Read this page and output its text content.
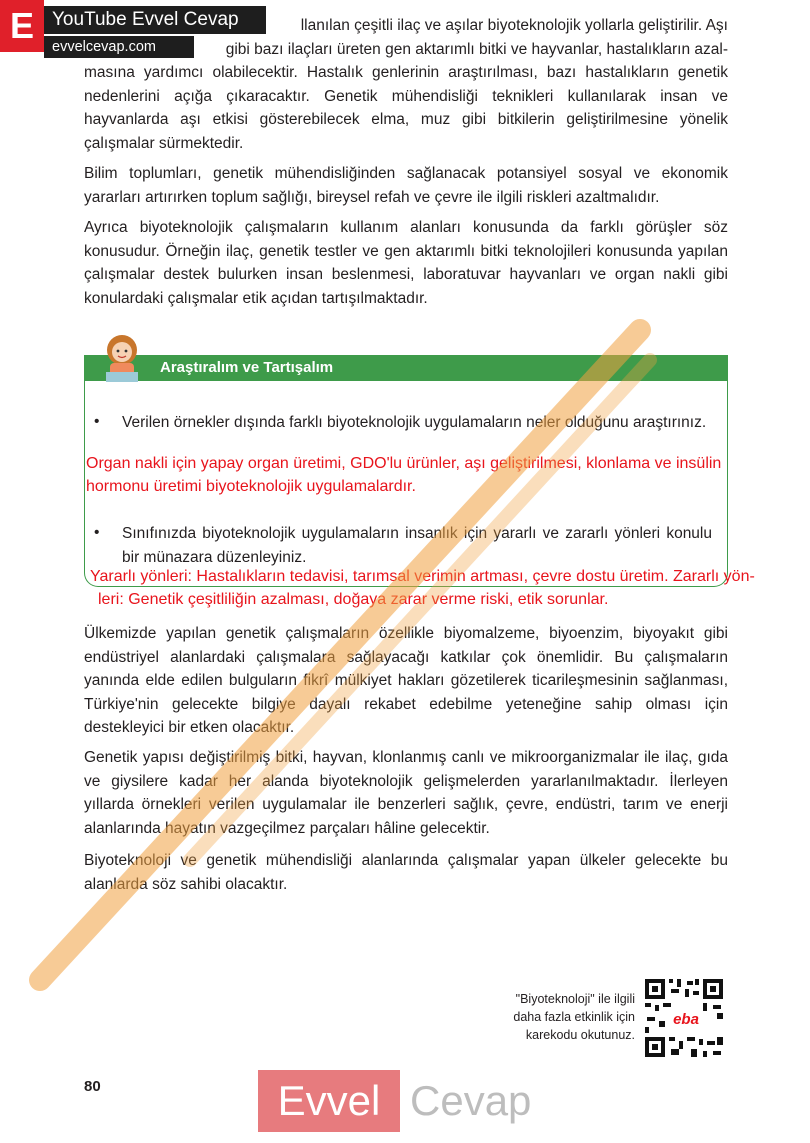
E YouTube Evvel Cevap
evvelcevap.com

llanılan çeşitli ilaç ve aşılar biyoteknolojik yollarla geliştirilir. Aşı

gibi bazı ilaçları üreten gen aktarımlı bitki ve hayvanlar, hastalıkların azal-

masına yardımcı olabilecektir. Hastalık genlerinin araştırılması, bazı hastalıkların genetik nedenlerini açığa çıkaracaktır. Genetik mühendisliği teknikleri kullanılarak insan ve hayvanlarda aşı etkisi gösterebilecek elma, muz gibi bitkilerin geliştirilmesine yönelik çalışmalar sürmektedir.

Bilim toplumları, genetik mühendisliğinden sağlanacak potansiyel sosyal ve ekonomik yararları artırırken toplum sağlığı, bireysel refah ve çevre ile ilgili riskleri azaltmalıdır.

Ayrıca biyoteknolojik çalışmaların kullanım alanları konusunda da farklı görüşler söz konusudur. Örneğin ilaç, genetik testler ve gen aktarımlı bitki teknolojileri konusunda yapılan çalışmalar destek bulurken insan beslenmesi, laboratuvar hayvanları ve organ nakli gibi konulardaki çalışmalar etik açıdan tartışılmaktadır.

Araştıralım ve Tartışalım
• Verilen örnekler dışında farklı biyoteknolojik uygulamaların neler olduğunu araştırınız.

Organ nakli için yapay organ üretimi, GDO'lu ürünler, aşı geliştirilmesi, klonlama ve insülin hormonu üretimi biyoteknolojik uygulamalardır.

• Sınıfınızda biyoteknolojik uygulamaların insanlık için yararlı ve zararlı yönleri konulu bir münazara düzenleyiniz.

Yararlı yönleri: Hastalıkların tedavisi, tarımsal verimin artması, çevre dostu üretim. Zararlı yön-

leri: Genetik çeşitliliğin azalması, doğaya zarar verme riski, etik sorunlar.

Ülkemizde yapılan genetik çalışmaların özellikle biyomalzeme, biyoenzim, biyoyakıt gibi endüstriyel alanlardaki çalışmalara sağlayacağı katkılar çok önemlidir. Bu çalışmaların yanında elde edilen bulguların fikrî mülkiyet hakları gözetilerek ticarileşmesinin sağlanması, Türkiye'nin gelecekte bilgiye dayalı rekabet edebilme yeteneğine sahip olması için destekleyici bir etken olacaktır.

Genetik yapısı değiştirilmiş bitki, hayvan, klonlanmış canlı ve mikroorganizmalar ile ilaç, gıda ve giysilere kadar her alanda biyoteknolojik gelişmelerden yararlanılmaktadır. İlerleyen yıllarda örnekleri verilen uygulamalar ile benzerleri sağlık, çevre, endüstri, tarım ve enerji alanlarında hayatın vazgeçilmez parçaları hâline gelecektir.

Biyoteknoloji ve genetik mühendisliği alanlarında çalışmalar yapan ülkeler gelecekte bu alanlarda söz sahibi olacaktır.

"Biyoteknoloji" ile ilgili
daha fazla etkinlik için
karekodu okutunuz.
eba
80	Evvel Cevap
